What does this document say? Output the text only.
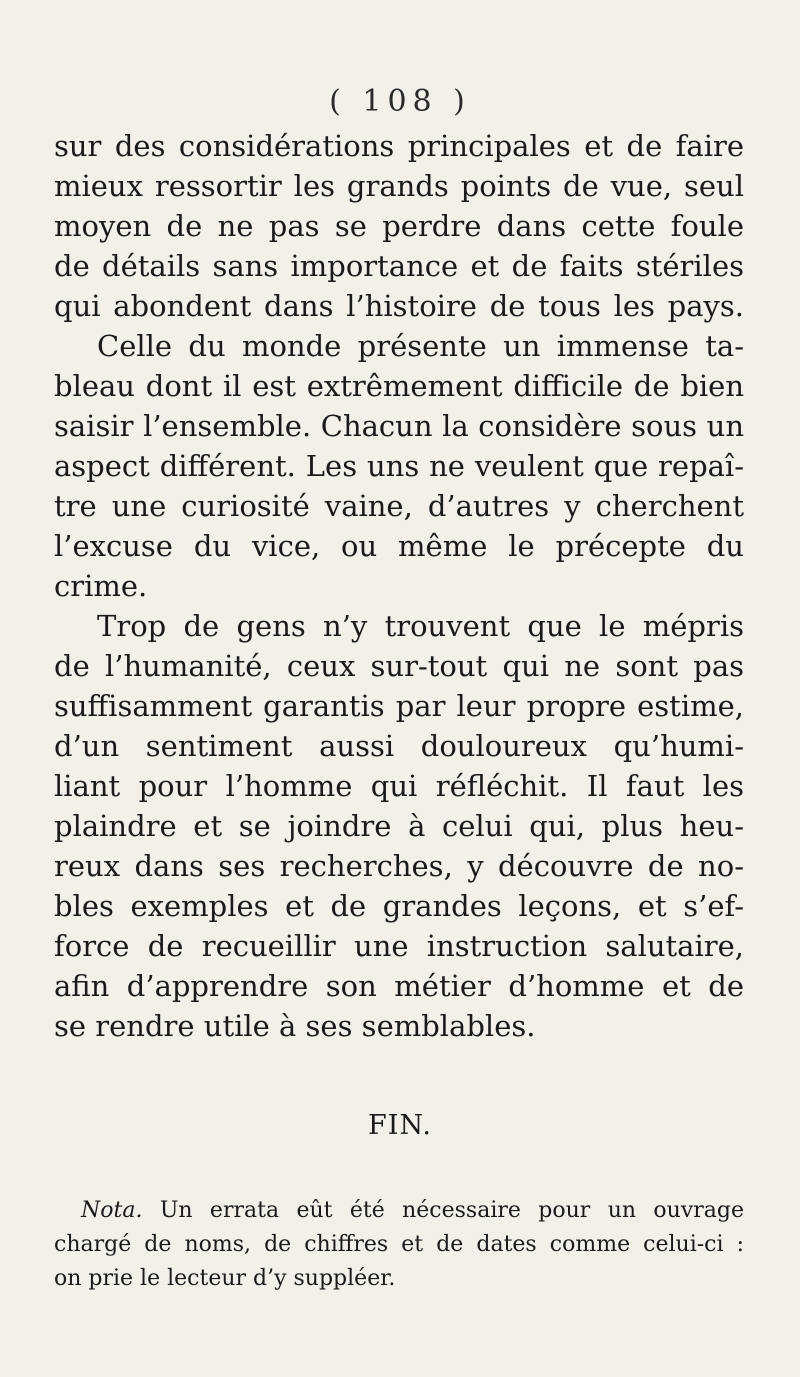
( 108 )
sur des considérations principales et de faire
mieux ressortir les grands points de vue, seul
moyen de ne pas se perdre dans cette foule
de détails sans importance et de faits stériles
qui abondent dans l’histoire de tous les pays.
Celle du monde présente un immense ta-
bleau dont il est extrêmement difficile de bien
saisir l’ensemble. Chacun la considère sous un
aspect différent. Les uns ne veulent que repaî-
tre une curiosité vaine, d’autres y cherchent
l’excuse du vice, ou même le précepte du
crime.
Trop de gens n’y trouvent que le mépris
de l’humanité, ceux sur-tout qui ne sont pas
suffisamment garantis par leur propre estime,
d’un sentiment aussi douloureux qu’humi-
liant pour l’homme qui réfléchit. Il faut les
plaindre et se joindre à celui qui, plus heu-
reux dans ses recherches, y découvre de no-
bles exemples et de grandes leçons, et s’ef-
force de recueillir une instruction salutaire,
afin d’apprendre son métier d’homme et de
se rendre utile à ses semblables.
FIN.
Nota. Un errata eût été nécessaire pour un ouvrage
chargé de noms, de chiffres et de dates comme celui-ci :
on prie le lecteur d’y suppléer.
